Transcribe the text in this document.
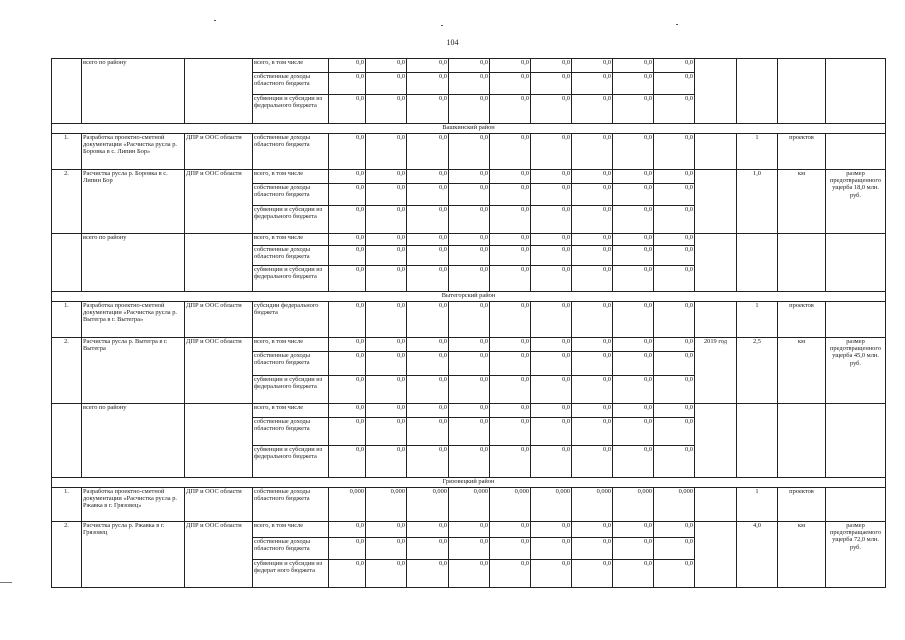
104
	всего по району		всего, в том числе	0,0	0,0	0,0	0,0	0,0	0,0	0,0	0,0	0,0				
			собственные доходы областного бюджета	0,0	0,0	0,0	0,0	0,0	0,0	0,0	0,0	0,0				
			субвенции и субсидии из федерального бюджета	0,0	0,0	0,0	0,0	0,0	0,0	0,0	0,0	0,0				
Вашкинский район																
1.	Разработка проектно-сметной документации «Расчистка русла р. Боровка в с. Липин Бор»	ДПР и ООС области	собственные доходы областного бюджета	0,0	0,0	0,0	0,0	0,0	0,0	0,0	0,0	0,0		1	проектов	
2.	Расчистка русла р. Боровка в с. Липин Бор	ДПР и ООС области	всего, в том числе	0,0	0,0	0,0	0,0	0,0	0,0	0,0	0,0	0,0		1,0	км	размер предотвращенного ущерба 18,0 млн. руб.
			собственные доходы областного бюджета	0,0	0,0	0,0	0,0	0,0	0,0	0,0	0,0	0,0				
			субвенции и субсидии из федерального бюджета	0,0	0,0	0,0	0,0	0,0	0,0	0,0	0,0	0,0				
	всего по району		всего, в том числе	0,0	0,0	0,0	0,0	0,0	0,0	0,0	0,0	0,0				
			собственные доходы областного бюджета	0,0	0,0	0,0	0,0	0,0	0,0	0,0	0,0	0,0				
			субвенции и субсидии из федерального бюджета	0,0	0,0	0,0	0,0	0,0	0,0	0,0	0,0	0,0				
Вытегорский район																
1.	Разработка проектно-сметной документации «Расчистка русла р. Вытегра в г. Вытегра»	ДПР и ООС области	субсидии федерального бюджета	0,0	0,0	0,0	0,0	0,0	0,0	0,0	0,0	0,0		1	проектов	
2.	Расчистка русла р. Вытегра в г. Вытегра	ДПР и ООС области	всего, в том числе	0,0	0,0	0,0	0,0	0,0	0,0	0,0	0,0	0,0	2019 год	2,5	км	размер предотвращенного ущерба 45,0 млн. руб.
			собственные доходы областного бюджета	0,0	0,0	0,0	0,0	0,0	0,0	0,0	0,0	0,0				
			субвенции и субсидии из федерального бюджета	0,0	0,0	0,0	0,0	0,0	0,0	0,0	0,0	0,0				
	всего по району		всего, в том числе	0,0	0,0	0,0	0,0	0,0	0,0	0,0	0,0	0,0				
			собственные доходы областного бюджета	0,0	0,0	0,0	0,0	0,0	0,0	0,0	0,0	0,0				
			субвенции и субсидии из федерального бюджета	0,0	0,0	0,0	0,0	0,0	0,0	0,0	0,0	0,0				
Грязовецкий район																
1.	Разработка проектно-сметной документации «Расчистка русла р. Ржавка в г. Грязовец»	ДПР и ООС области	собственные доходы областного бюджета	0,000	0,000	0,000	0,000	0,000	0,000	0,000	0,000	0,000		1	проектов	
2.	Расчистка русла р. Ржавка в г. Грязовец	ДПР и ООС области	всего, в том числе	0,0	0,0	0,0	0,0	0,0	0,0	0,0	0,0	0,0		4,0	км	размер предотвращаемого ущерба 72,0 млн. руб.
			собственные доходы областного бюджета	0,0	0,0	0,0	0,0	0,0	0,0	0,0	0,0	0,0				
			субвенции и субсидии из федерат ного бюджета	0,0	0,0	0,0	0,0	0,0	0,0	0,0	0,0	0,0				
